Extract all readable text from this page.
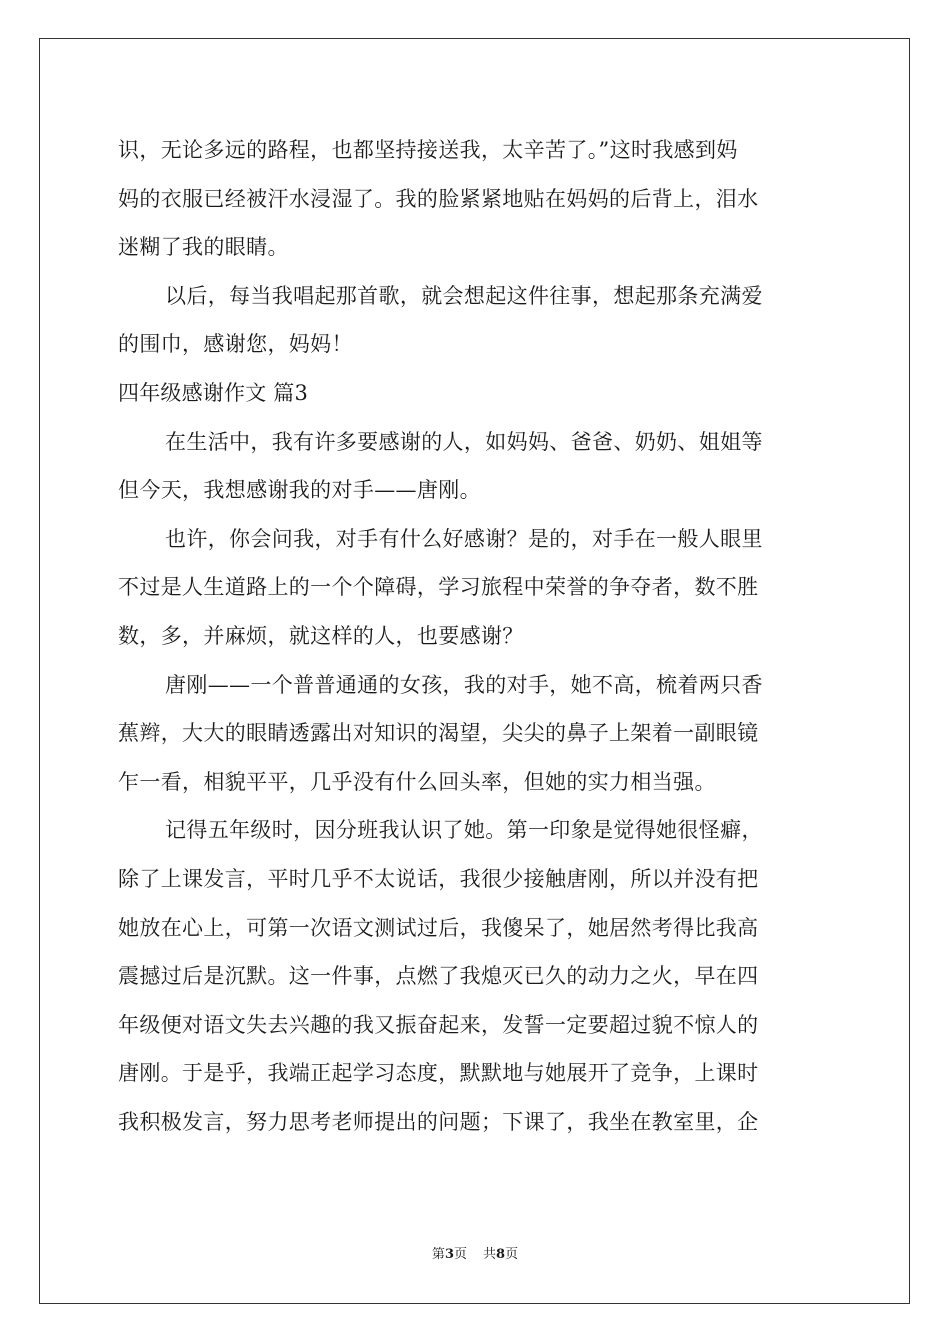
识，无论多远的路程，也都坚持接送我，太辛苦了。”这时我感到妈
妈的衣服已经被汗水浸湿了。我的脸紧紧地贴在妈妈的后背上，泪水
迷糊了我的眼睛。

以后，每当我唱起那首歌，就会想起这件往事，想起那条充满爱
的围巾，感谢您，妈妈！

四年级感谢作文 篇3

在生活中，我有许多要感谢的人，如妈妈、爸爸、奶奶、姐姐等
但今天，我想感谢我的对手——唐刚。

也许，你会问我，对手有什么好感谢？是的，对手在一般人眼里
不过是人生道路上的一个个障碍，学习旅程中荣誉的争夺者，数不胜
数，多，并麻烦，就这样的人，也要感谢？

唐刚——一个普普通通的女孩，我的对手，她不高，梳着两只香
蕉辫，大大的眼睛透露出对知识的渴望，尖尖的鼻子上架着一副眼镜
乍一看，相貌平平，几乎没有什么回头率，但她的实力相当强。

记得五年级时，因分班我认识了她。第一印象是觉得她很怪癖，
除了上课发言，平时几乎不太说话，我很少接触唐刚，所以并没有把
她放在心上，可第一次语文测试过后，我傻呆了，她居然考得比我高
震撼过后是沉默。这一件事，点燃了我熄灭已久的动力之火，早在四
年级便对语文失去兴趣的我又振奋起来，发誓一定要超过貌不惊人的
唐刚。于是乎，我端正起学习态度，默默地与她展开了竞争，上课时
我积极发言，努力思考老师提出的问题；下课了，我坐在教室里，企

第3页 共8页
